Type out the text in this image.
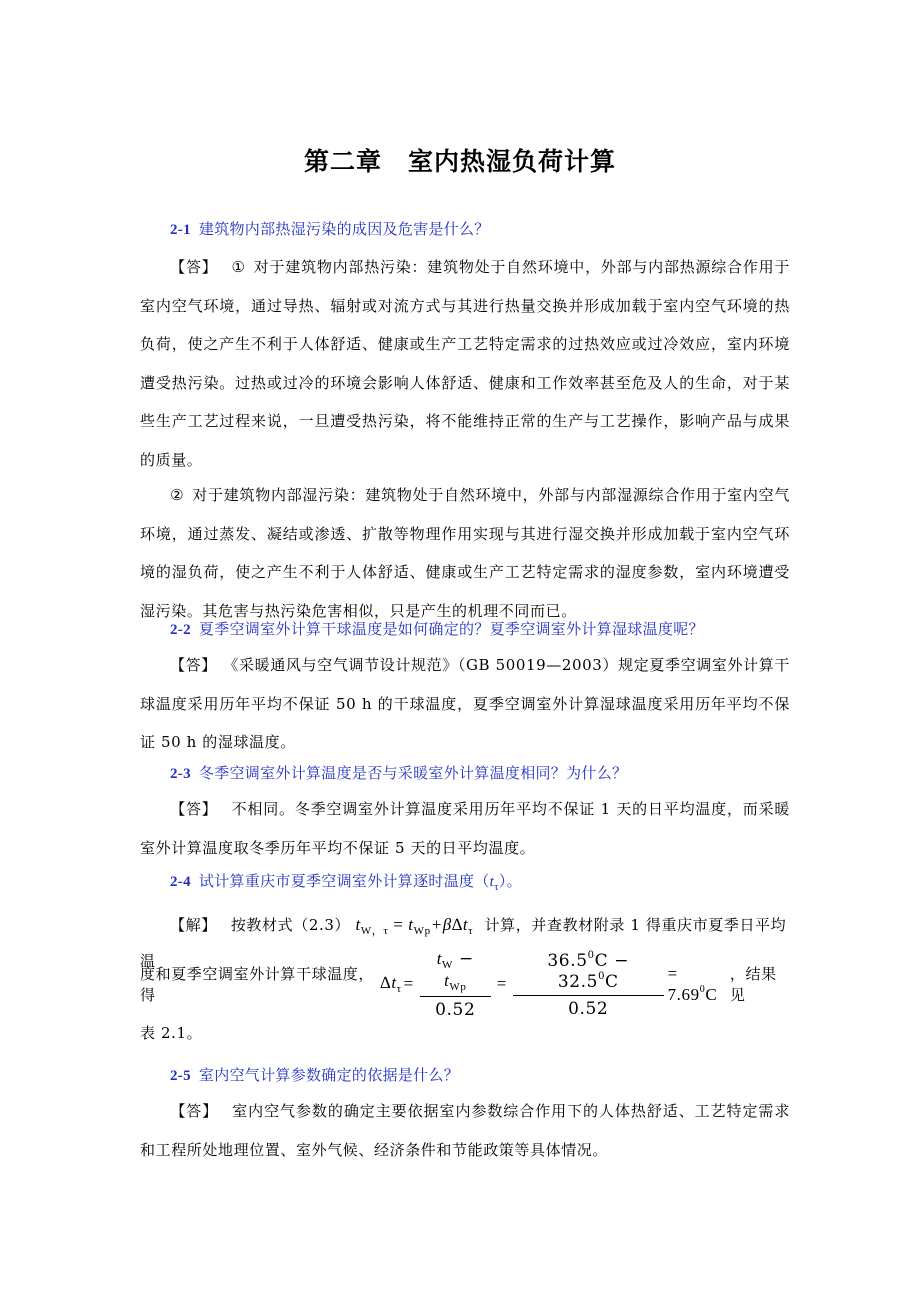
第二章 室内热湿负荷计算

2-1 建筑物内部热湿污染的成因及危害是什么？

【答】 ① 对于建筑物内部热污染：建筑物处于自然环境中，外部与内部热源综合作用于室内空气环境，通过导热、辐射或对流方式与其进行热量交换并形成加载于室内空气环境的热负荷，使之产生不利于人体舒适、健康或生产工艺特定需求的过热效应或过冷效应，室内环境遭受热污染。过热或过冷的环境会影响人体舒适、健康和工作效率甚至危及人的生命，对于某些生产工艺过程来说，一旦遭受热污染，将不能维持正常的生产与工艺操作，影响产品与成果的质量。

② 对于建筑物内部湿污染：建筑物处于自然环境中，外部与内部湿源综合作用于室内空气环境，通过蒸发、凝结或渗透、扩散等物理作用实现与其进行湿交换并形成加载于室内空气环境的湿负荷，使之产生不利于人体舒适、健康或生产工艺特定需求的湿度参数，室内环境遭受湿污染。其危害与热污染危害相似，只是产生的机理不同而已。

2-2 夏季空调室外计算干球温度是如何确定的？夏季空调室外计算湿球温度呢？

【答】 《采暖通风与空气调节设计规范》（GB 50019—2003）规定夏季空调室外计算干球温度采用历年平均不保证 50 h 的干球温度，夏季空调室外计算湿球温度采用历年平均不保证 50 h 的湿球温度。

2-3 冬季空调室外计算温度是否与采暖室外计算温度相同？为什么？

【答】 不相同。冬季空调室外计算温度采用历年平均不保证 1 天的日平均温度，而采暖室外计算温度取冬季历年平均不保证 5 天的日平均温度。

2-4 试计算重庆市夏季空调室外计算逐时温度$(t_\tau)$。

【解】 按教材式（2.3） $t_{W,\tau} = t_{Wp}+\beta\Delta t_\tau$ 计算，并查教材附录 1 得重庆市夏季日平均温
度和夏季空调室外计算干球温度，得
$\Delta t_\tau = \frac{t_W - t_{Wp}}{0.52} = \frac{36.5^0C - 32.5^0C}{0.52} = 7.69^0C$
，结果见

表 2.1。

2-5 室内空气计算参数确定的依据是什么？

【答】 室内空气参数的确定主要依据室内参数综合作用下的人体热舒适、工艺特定需求和工程所处地理位置、室外气候、经济条件和节能政策等具体情况。
